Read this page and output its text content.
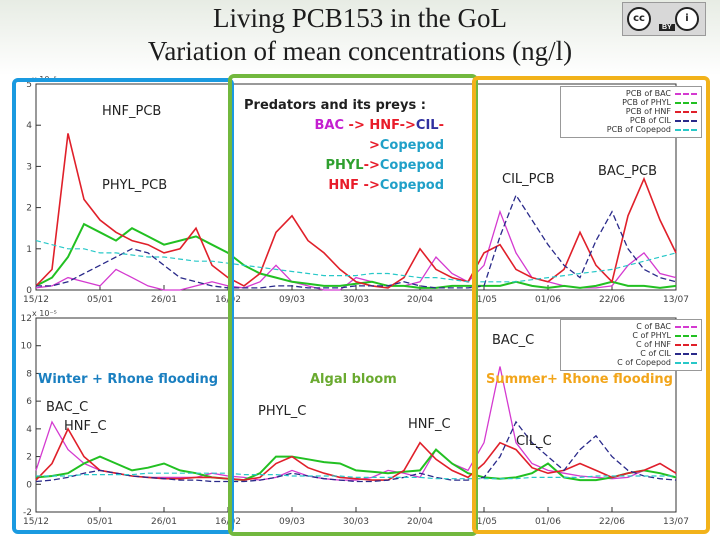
Living PCB153 in the GoL
Variation of mean concentrations (ng/l)
cc	i
BY
0
1
2
3
4
5
x 10⁻⁵
15/12	05/01	26/01	16/02	09/03	30/03	20/04	11/05	01/06	22/06	13/07
-2
0
2
4
6
8
10
12
x 10⁻⁵
15/12	05/01	26/01	16/02	09/03	30/03	20/04	11/05	01/06	22/06	13/07
Predators and its preys :
BAC -> HNF->CIL->Copepod
PHYL->Copepod
HNF ->Copepod
HNF_PCB
PHYL_PCB	CIL_PCB
BAC_PCB
BAC_C
BAC_C
HNF_C
PHYL_C
HNF_C
CIL_C
Winter + Rhone flooding	Algal bloom	Summer+ Rhone flooding
PCB of BAC
PCB of PHYL
PCB of HNF
PCB of CIL
PCB of Copepod
C of BAC
C of PHYL
C of HNF
C of CIL
C of Copepod
